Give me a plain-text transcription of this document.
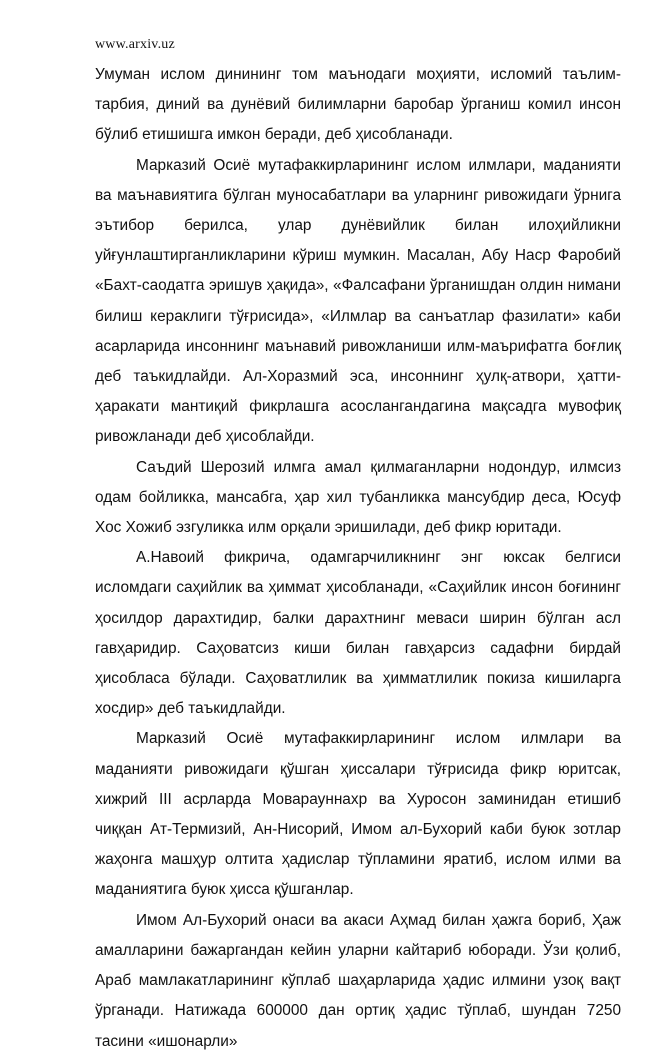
www.arxiv.uz

Умуман ислом динининг том маънодаги моҳияти, исломий таълим-тарбия, диний ва дунёвий билимларни баробар ўрганиш комил инсон бўлиб етишишга имкон беради, деб ҳисобланади.

Марказий Осиё мутафаккирларининг ислом илмлари, маданияти ва маънавиятига бўлган муносабатлари ва уларнинг ривожидаги ўрнига эътибор берилса, улар дунёвийлик билан илоҳийликни уйғунлаштирганликларини кўриш мумкин. Масалан, Абу Наср Фаробий «Бахт-саодатга эришув ҳақида», «Фалсафани ўрганишдан олдин нимани билиш кераклиги тўғрисида», «Илмлар ва санъатлар фазилати» каби асарларида инсоннинг маънавий ривожланиши илм-маърифатга боғлиқ деб таъкидлайди. Ал-Хоразмий эса, инсоннинг ҳулқ-атвори, ҳатти-ҳаракати мантиқий фикрлашга асослангандагина мақсадга мувофиқ ривожланади деб ҳисоблайди.

Саъдий Шерозий илмга амал қилмаганларни нодондур, илмсиз одам бойликка, мансабга, ҳар хил тубанликка мансубдир деса, Юсуф Хос Хожиб эзгуликка илм орқали эришилади, деб фикр юритади.

А.Навоий фикрича, одамгарчиликнинг энг юксак белгиси исломдаги саҳийлик ва ҳиммат ҳисобланади, «Саҳийлик инсон боғининг ҳосилдор дарахтидир, балки дарахтнинг меваси ширин бўлган асл гавҳаридир. Саҳоватсиз киши билан гавҳарсиз садафни бирдай ҳисобласа бўлади. Саҳоватлилик ва ҳимматлилик покиза кишиларга хосдир» деб таъкидлайди.

Марказий Осиё мутафаккирларининг ислом илмлари ва маданияти ривожидаги қўшган ҳиссалари тўғрисида фикр юритсак, хижрий III асрларда Моварауннахр ва Хуросон заминидан етишиб чиққан Ат-Термизий, Ан-Нисорий, Имом ал-Бухорий каби буюк зотлар жаҳонга машҳур олтита ҳадислар тўпламини яратиб, ислом илми ва маданиятига буюк ҳисса қўшганлар.

Имом Ал-Бухорий онаси ва акаси Аҳмад билан ҳажга бориб, Ҳаж амалларини бажаргандан кейин уларни кайтариб юборади. Ўзи қолиб, Араб мамлакатларининг кўплаб шаҳарларида ҳадис илмини узоқ вақт ўрганади. Натижада 600000 дан ортиқ ҳадис тўплаб, шундан 7250 тасини «ишонарли»
